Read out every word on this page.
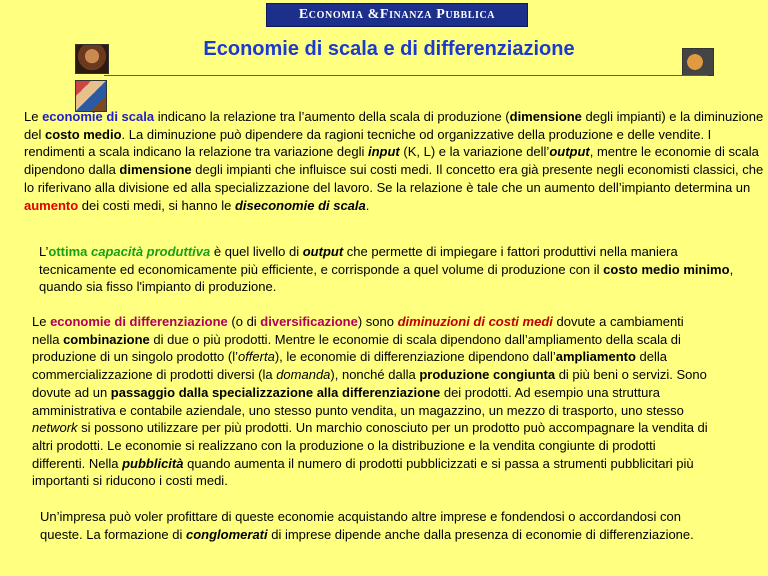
Economia &Finanza Pubblica
Economie di scala e di differenziazione
Le economie di scala indicano la relazione tra l’aumento della scala di produzione (dimensione degli impianti) e la diminuzione del costo medio. La diminuzione può dipendere da ragioni tecniche od organizzative della produzione e delle vendite. I rendimenti a scala indicano la relazione tra variazione degli input (K, L) e la variazione dell’output, mentre le economie di scala dipendono dalla dimensione degli impianti che influisce sui costi medi. Il concetto era già presente negli economisti classici, che lo riferivano alla divisione ed alla specializzazione del lavoro. Se la relazione è tale che un aumento dell’impianto determina un aumento dei costi medi, si hanno le diseconomie di scala.
L’ottima capacità produttiva è quel livello di output che permette di impiegare i fattori produttivi nella maniera tecnicamente ed economicamente più efficiente, e corrisponde a quel volume di produzione con il costo medio minimo, quando sia fisso l'impianto di produzione.
Le economie di differenziazione (o di diversificazione) sono diminuzioni di costi medi dovute a cambiamenti nella combinazione di due o più prodotti. Mentre le economie di scala dipendono dall’ampliamento della scala di produzione di un singolo prodotto (l’offerta), le economie di differenziazione dipendono dall’ampliamento della commercializzazione di prodotti diversi (la domanda), nonché dalla produzione congiunta di più beni o servizi. Sono dovute ad un passaggio dalla specializzazione alla differenziazione dei prodotti. Ad esempio una struttura amministrativa e contabile aziendale, uno stesso punto vendita, un magazzino, un mezzo di trasporto, uno stesso network si possono utilizzare per più prodotti. Un marchio conosciuto per un prodotto può accompagnare la vendita di altri prodotti. Le economie si realizzano con la produzione o la distribuzione e la vendita congiunte di prodotti differenti. Nella pubblicità quando aumenta il numero di prodotti pubblicizzati e si passa a strumenti pubblicitari più importanti si riducono i costi medi.
Un’impresa può voler profittare di queste economie acquistando altre imprese e fondendosi o accordandosi con queste. La formazione di conglomerati di imprese dipende anche dalla presenza di economie di differenziazione.
